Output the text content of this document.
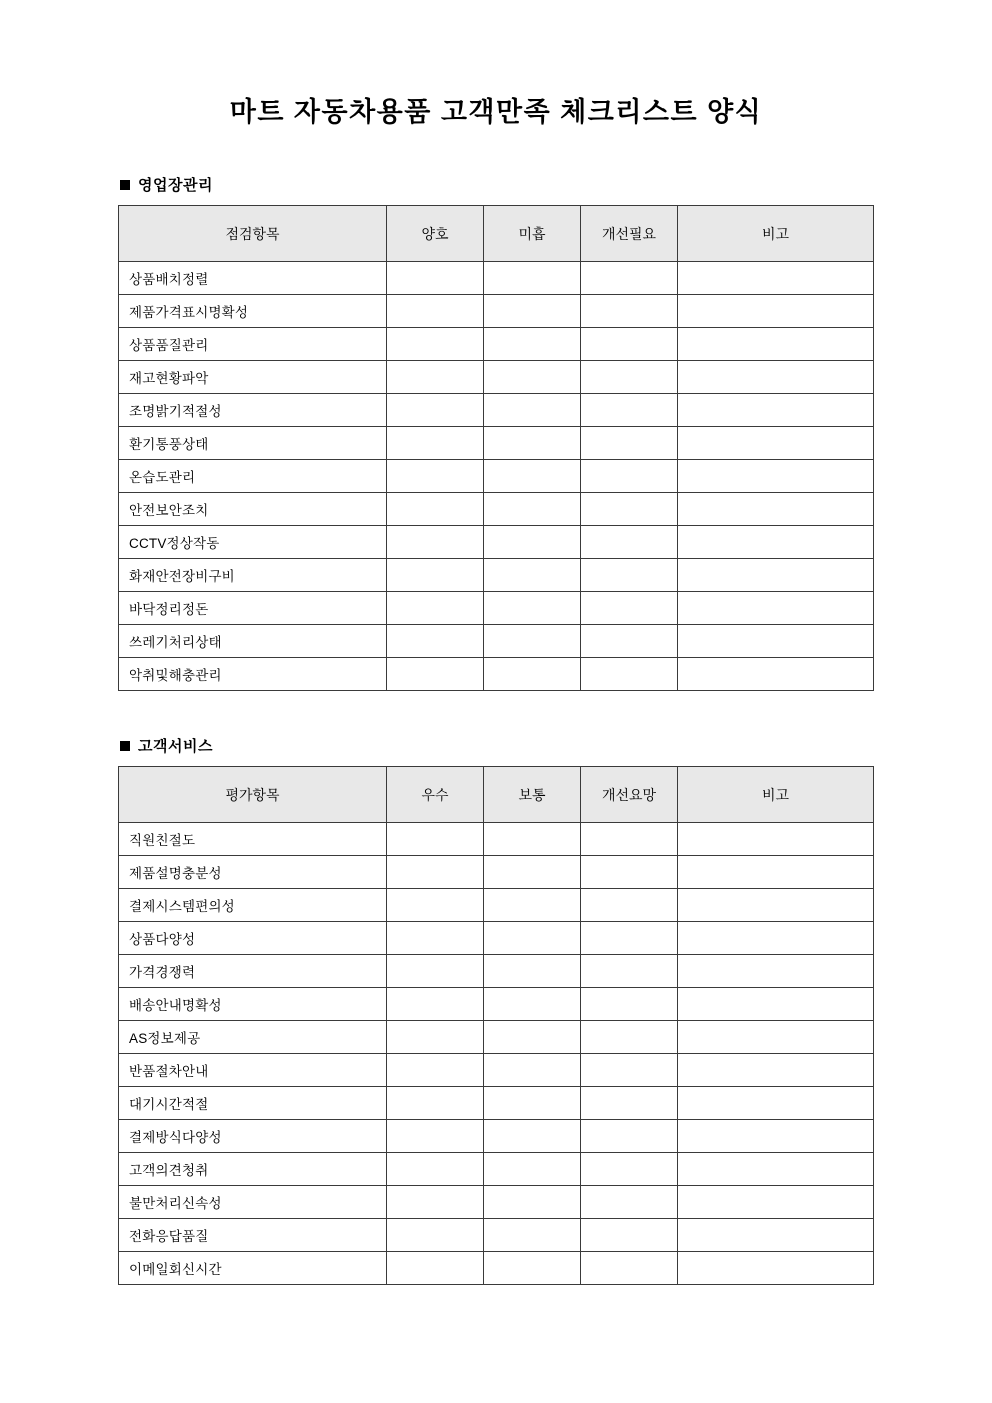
마트 자동차용품 고객만족 체크리스트 양식
영업장관리
점검항목	양호	미흡	개선필요	비고
상품배치정렬				
제품가격표시명확성				
상품품질관리				
재고현황파악				
조명밝기적절성				
환기통풍상태				
온습도관리				
안전보안조치				
CCTV정상작동				
화재안전장비구비				
바닥정리정돈				
쓰레기처리상태				
악취및해충관리				
고객서비스
평가항목	우수	보통	개선요망	비고
직원친절도				
제품설명충분성				
결제시스템편의성				
상품다양성				
가격경쟁력				
배송안내명확성				
AS정보제공				
반품절차안내				
대기시간적절				
결제방식다양성				
고객의견청취				
불만처리신속성				
전화응답품질				
이메일회신시간				
